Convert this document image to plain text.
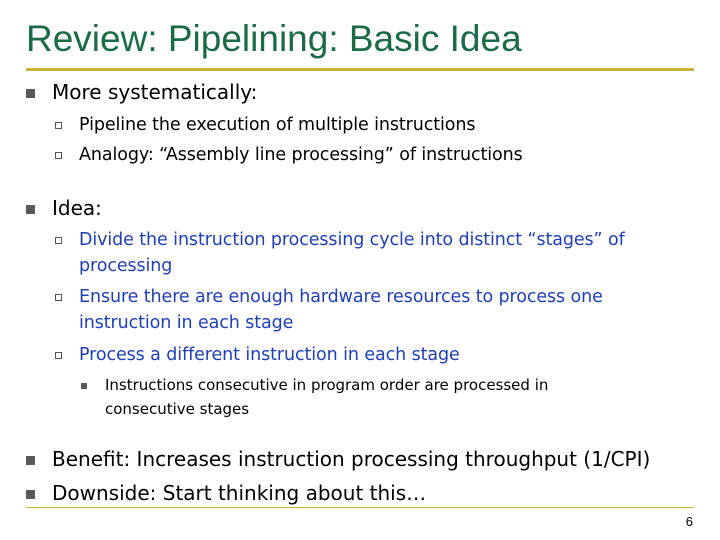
Review: Pipelining: Basic Idea
More systematically:
Pipeline the execution of multiple instructions
Analogy: “Assembly line processing” of instructions
Idea:
Divide the instruction processing cycle into distinct “stages” of
processing
Ensure there are enough hardware resources to process one
instruction in each stage
Process a different instruction in each stage
Instructions consecutive in program order are processed in
consecutive stages
Benefit: Increases instruction processing throughput (1/CPI)
Downside: Start thinking about this…
6
